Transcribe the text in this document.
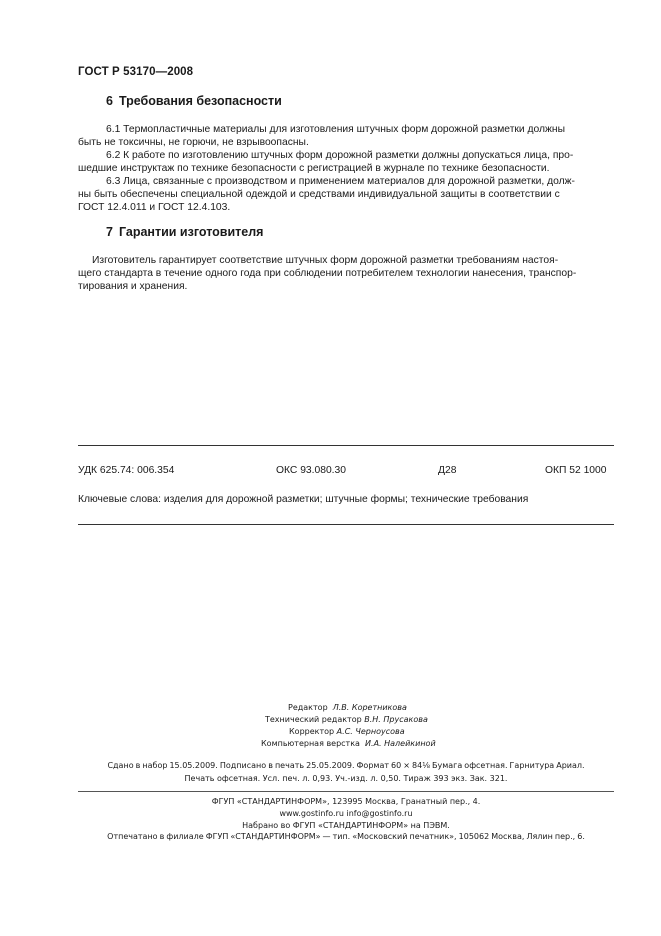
ГОСТ Р 53170—2008
6 Требования безопасности
6.1 Термопластичные материалы для изготовления штучных форм дорожной разметки должны
быть не токсичны, не горючи, не взрывоопасны.
6.2 К работе по изготовлению штучных форм дорожной разметки должны допускаться лица, про-
шедшие инструктаж по технике безопасности с регистрацией в журнале по технике безопасности.
6.3 Лица, связанные с производством и применением материалов для дорожной разметки, долж-
ны быть обеспечены специальной одеждой и средствами индивидуальной защиты в соответствии с
ГОСТ 12.4.011 и ГОСТ 12.4.103.
7 Гарантии изготовителя
Изготовитель гарантирует соответствие штучных форм дорожной разметки требованиям настоя-
щего стандарта в течение одного года при соблюдении потребителем технологии нанесения, транспор-
тирования и хранения.
УДК 625.74: 006.354	ОКС 93.080.30	Д28	ОКП 52 1000
Ключевые слова: изделия для дорожной разметки; штучные формы; технические требования
Редактор Л.В. Коретникова
Технический редактор В.Н. Прусакова
Корректор А.С. Черноусова
Компьютерная верстка И.А. Налейкиной
Сдано в набор 15.05.2009. Подписано в печать 25.05.2009. Формат 60 × 84⅛ Бумага офсетная. Гарнитура Ариал.
Печать офсетная. Усл. печ. л. 0,93. Уч.-изд. л. 0,50. Тираж 393 экз. Зак. 321.
ФГУП «СТАНДАРТИНФОРМ», 123995 Москва, Гранатный пер., 4.
www.gostinfo.ru info@gostinfo.ru
Набрано во ФГУП «СТАНДАРТИНФОРМ» на ПЭВМ.
Отпечатано в филиале ФГУП «СТАНДАРТИНФОРМ» — тип. «Московский печатник», 105062 Москва, Лялин пер., 6.
